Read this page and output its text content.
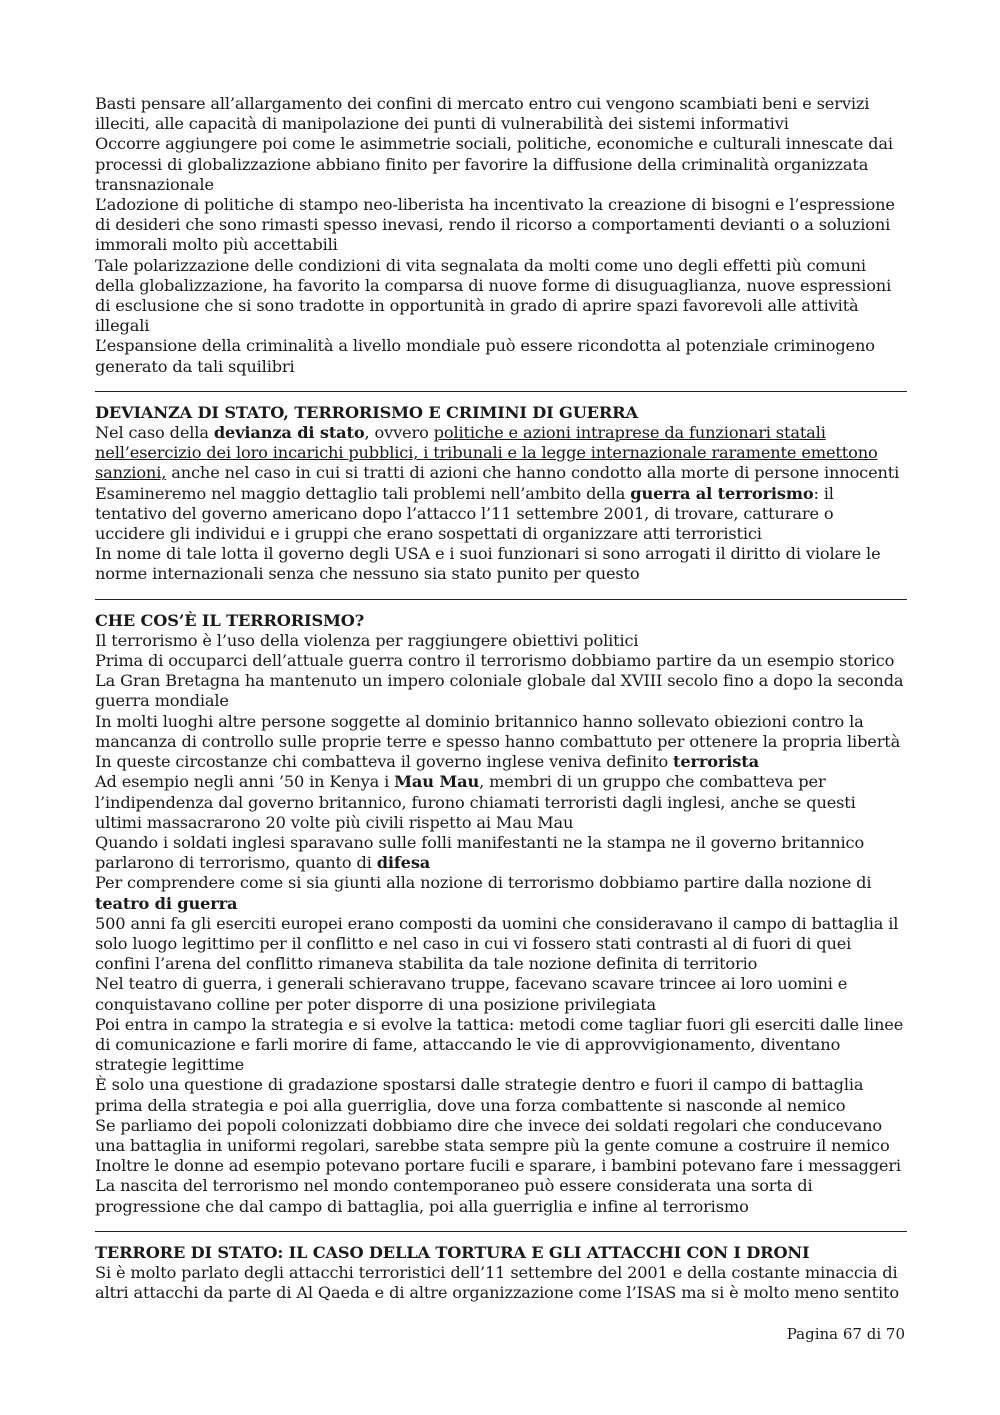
Basti pensare all’allargamento dei confini di mercato entro cui vengono scambiati beni e servizi illeciti, alle capacità di manipolazione dei punti di vulnerabilità dei sistemi informativi

Occorre aggiungere poi come le asimmetrie sociali, politiche, economiche e culturali innescate dai processi di globalizzazione abbiano finito per favorire la diffusione della criminalità organizzata transnazionale

L’adozione di politiche di stampo neo-liberista ha incentivato la creazione di bisogni e l’espressione di desideri che sono rimasti spesso inevasi, rendo il ricorso a comportamenti devianti o a soluzioni immorali molto più accettabili

Tale polarizzazione delle condizioni di vita segnalata da molti come uno degli effetti più comuni della globalizzazione, ha favorito la comparsa di nuove forme di disuguaglianza, nuove espressioni di esclusione che si sono tradotte in opportunità in grado di aprire spazi favorevoli alle attività illegali

L’espansione della criminalità a livello mondiale può essere ricondotta al potenziale criminogeno generato da tali squilibri

DEVIANZA DI STATO, TERRORISMO E CRIMINI DI GUERRA

Nel caso della devianza di stato, ovvero politiche e azioni intraprese da funzionari statali nell’esercizio dei loro incarichi pubblici, i tribunali e la legge internazionale raramente emettono sanzioni, anche nel caso in cui si tratti di azioni che hanno condotto alla morte di persone innocenti

Esamineremo nel maggio dettaglio tali problemi nell’ambito della guerra al terrorismo: il tentativo del governo americano dopo l’attacco l’11 settembre 2001, di trovare, catturare o uccidere gli individui e i gruppi che erano sospettati di organizzare atti terroristici

In nome di tale lotta il governo degli USA e i suoi funzionari si sono arrogati il diritto di violare le norme internazionali senza che nessuno sia stato punito per questo

CHE COS’È IL TERRORISMO?

Il terrorismo è l’uso della violenza per raggiungere obiettivi politici

Prima di occuparci dell’attuale guerra contro il terrorismo dobbiamo partire da un esempio storico

La Gran Bretagna ha mantenuto un impero coloniale globale dal XVIII secolo fino a dopo la seconda guerra mondiale

In molti luoghi altre persone soggette al dominio britannico hanno sollevato obiezioni contro la mancanza di controllo sulle proprie terre e spesso hanno combattuto per ottenere la propria libertà

In queste circostanze chi combatteva il governo inglese veniva definito terrorista

Ad esempio negli anni ’50 in Kenya i Mau Mau, membri di un gruppo che combatteva per l’indipendenza dal governo britannico, furono chiamati terroristi dagli inglesi, anche se questi ultimi massacrarono 20 volte più civili rispetto ai Mau Mau

Quando i soldati inglesi sparavano sulle folli manifestanti ne la stampa ne il governo britannico parlarono di terrorismo, quanto di difesa

Per comprendere come si sia giunti alla nozione di terrorismo dobbiamo partire dalla nozione di teatro di guerra

500 anni fa gli eserciti europei erano composti da uomini che consideravano il campo di battaglia il solo luogo legittimo per il conflitto e nel caso in cui vi fossero stati contrasti al di fuori di quei confini l’arena del conflitto rimaneva stabilita da tale nozione definita di territorio

Nel teatro di guerra, i generali schieravano truppe, facevano scavare trincee ai loro uomini e conquistavano colline per poter disporre di una posizione privilegiata

Poi entra in campo la strategia e si evolve la tattica: metodi come tagliar fuori gli eserciti dalle linee di comunicazione e farli morire di fame, attaccando le vie di approvvigionamento, diventano strategie legittime

È solo una questione di gradazione spostarsi dalle strategie dentro e fuori il campo di battaglia prima della strategia e poi alla guerriglia, dove una forza combattente si nasconde al nemico

Se parliamo dei popoli colonizzati dobbiamo dire che invece dei soldati regolari che conducevano una battaglia in uniformi regolari, sarebbe stata sempre più la gente comune a costruire il nemico

Inoltre le donne ad esempio potevano portare fucili e sparare, i bambini potevano fare i messaggeri

La nascita del terrorismo nel mondo contemporaneo può essere considerata una sorta di progressione che dal campo di battaglia, poi alla guerriglia e infine al terrorismo

TERRORE DI STATO: IL CASO DELLA TORTURA E GLI ATTACCHI CON I DRONI

Si è molto parlato degli attacchi terroristici dell’11 settembre del 2001 e della costante minaccia di altri attacchi da parte di Al Qaeda e di altre organizzazione come l’ISAS ma si è molto meno sentito

Pagina 67 di 70
